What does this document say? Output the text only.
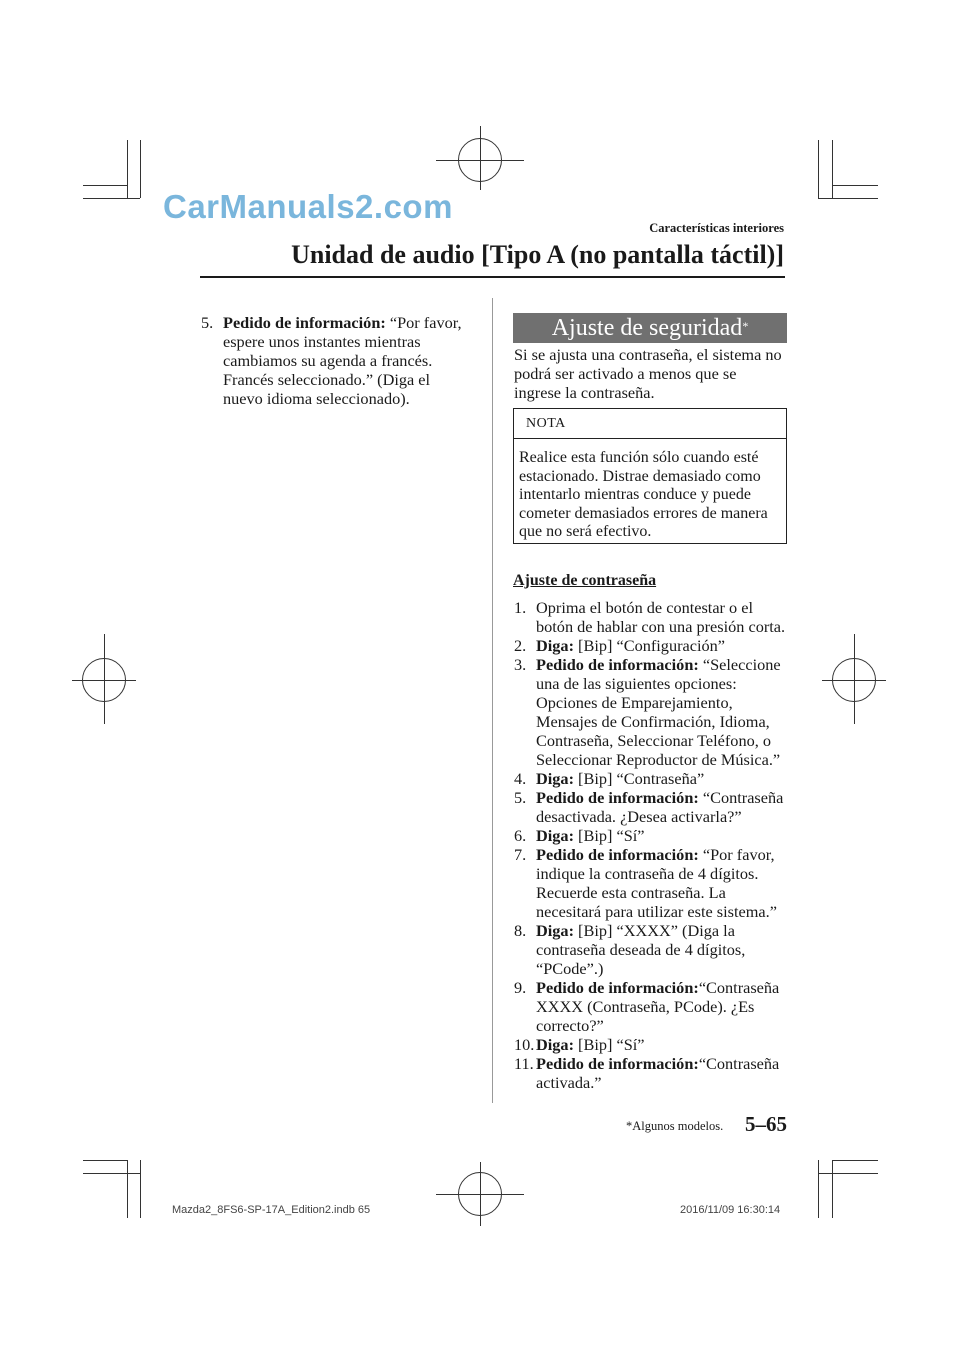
CarManuals2.com
Características interiores
Unidad de audio [Tipo A (no pantalla táctil)]
5. Pedido de información: “Por favor, espere unos instantes mientras cambiamos su agenda a francés. Francés seleccionado.” (Diga el nuevo idioma seleccionado).
Ajuste de seguridad*
Si se ajusta una contraseña, el sistema no podrá ser activado a menos que se ingrese la contraseña.
NOTA
Realice esta función sólo cuando esté estacionado. Distrae demasiado como intentarlo mientras conduce y puede cometer demasiados errores de manera que no será efectivo.
Ajuste de contraseña
1. Oprima el botón de contestar o el botón de hablar con una presión corta.
2. Diga: [Bip] “Configuración”
3. Pedido de información: “Seleccione una de las siguientes opciones: Opciones de Emparejamiento, Mensajes de Confirmación, Idioma, Contraseña, Seleccionar Teléfono, o Seleccionar Reproductor de Música.”
4. Diga: [Bip] “Contraseña”
5. Pedido de información: “Contraseña desactivada. ¿Desea activarla?”
6. Diga: [Bip] “Sí”
7. Pedido de información: “Por favor, indique la contraseña de 4 dígitos. Recuerde esta contraseña. La necesitará para utilizar este sistema.”
8. Diga: [Bip] “XXXX” (Diga la contraseña deseada de 4 dígitos, “PCode”.)
9. Pedido de información:“Contraseña XXXX (Contraseña, PCode). ¿Es correcto?”
10. Diga: [Bip] “Sí”
11. Pedido de información:“Contraseña activada.”
*Algunos modelos. 5–65
Mazda2_8FS6-SP-17A_Edition2.indb 65	2016/11/09 16:30:14
